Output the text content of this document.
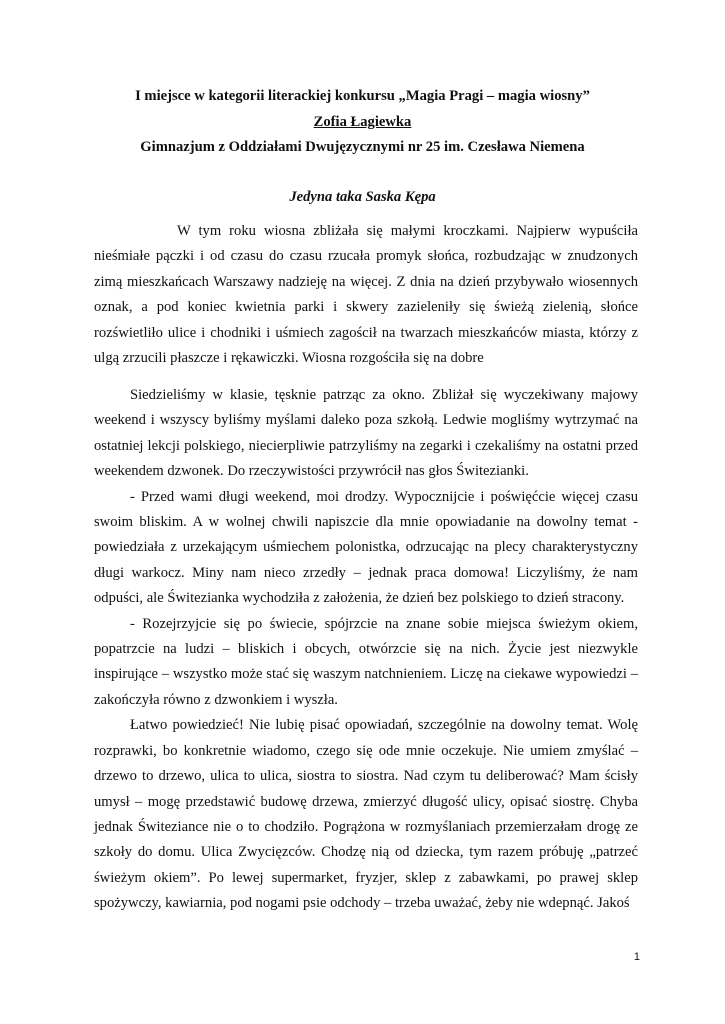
I miejsce w kategorii literackiej konkursu „Magia Pragi – magia wiosny”
Zofia Łagiewka
Gimnazjum z Oddziałami Dwujęzycznymi nr 25 im. Czesława Niemena
Jedyna taka Saska Kępa

W tym roku wiosna zbliżała się małymi kroczkami. Najpierw wypuściła nieśmiałe pączki i od czasu do czasu rzucała promyk słońca, rozbudzając w znudzonych zimą mieszkańcach Warszawy nadzieję na więcej. Z dnia na dzień przybywało wiosennych oznak, a pod koniec kwietnia parki i skwery zazieleniły się świeżą zielenią, słońce rozświetliło ulice i chodniki i uśmiech zagościł na twarzach mieszkańców miasta, którzy z ulgą zrzucili płaszcze i rękawiczki. Wiosna rozgościła się na dobre

Siedzieliśmy w klasie, tęsknie patrząc za okno. Zbliżał się wyczekiwany majowy weekend i wszyscy byliśmy myślami daleko poza szkołą. Ledwie mogliśmy wytrzymać na ostatniej lekcji polskiego, niecierpliwie patrzyliśmy na zegarki i czekaliśmy na ostatni przed weekendem dzwonek. Do rzeczywistości przywrócił nas głos Świtezianki.

- Przed wami długi weekend, moi drodzy. Wypocznijcie i poświęćcie więcej czasu swoim bliskim. A w wolnej chwili napiszcie dla mnie opowiadanie na dowolny temat - powiedziała z urzekającym uśmiechem polonistka, odrzucając na plecy charakterystyczny długi warkocz. Miny nam nieco zrzedły – jednak praca domowa! Liczyliśmy, że nam odpuści, ale Świtezianka wychodziła z założenia, że dzień bez polskiego to dzień stracony.

- Rozejrzyjcie się po świecie, spójrzcie na znane sobie miejsca świeżym okiem, popatrzcie na ludzi – bliskich i obcych, otwórzcie się na nich. Życie jest niezwykle inspirujące – wszystko może stać się waszym natchnieniem. Liczę na ciekawe wypowiedzi – zakończyła równo z dzwonkiem i wyszła.

Łatwo powiedzieć! Nie lubię pisać opowiadań, szczególnie na dowolny temat. Wolę rozprawki, bo konkretnie wiadomo, czego się ode mnie oczekuje. Nie umiem zmyślać – drzewo to drzewo, ulica to ulica, siostra to siostra. Nad czym tu deliberować? Mam ścisły umysł – mogę przedstawić budowę drzewa, zmierzyć długość ulicy, opisać siostrę. Chyba jednak Świteziance nie o to chodziło. Pogrążona w rozmyślaniach przemierzałam drogę ze szkoły do domu. Ulica Zwycięzców. Chodzę nią od dziecka, tym razem próbuję „patrzeć świeżym okiem”. Po lewej supermarket, fryzjer, sklep z zabawkami, po prawej sklep spożywczy, kawiarnia, pod nogami psie odchody – trzeba uważać, żeby nie wdepnąć. Jakoś

1
